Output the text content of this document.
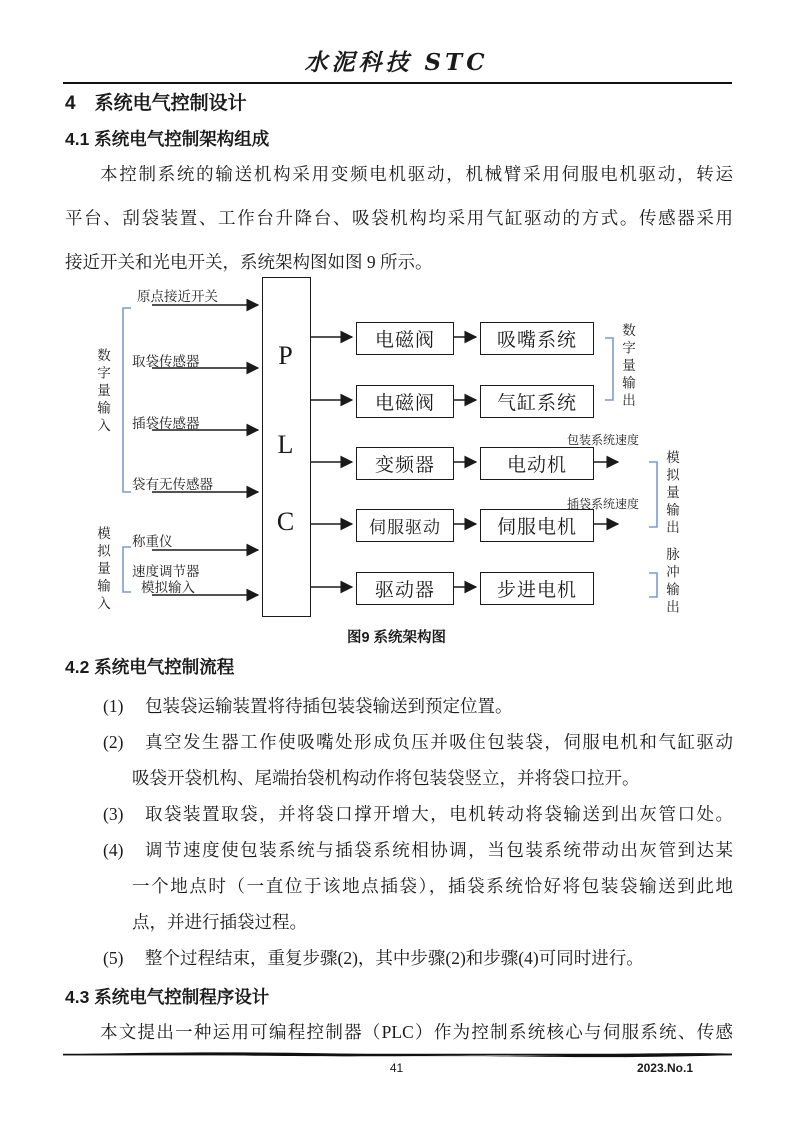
水泥科技 STC
4　系统电气控制设计
4.1 系统电气控制架构组成
本控制系统的输送机构采用变频电机驱动，机械臂采用伺服电机驱动，转运
平台、刮袋装置、工作台升降台、吸袋机构均采用气缸驱动的方式。传感器采用
接近开关和光电开关，系统架构图如图 9 所示。
P
L
C
原点接近开关
取袋传感器
插袋传感器
袋有无传感器
称重仪
速度调节器
模拟输入
数字量输入
模拟量输入
电磁阀
电磁阀
变频器
伺服驱动
驱动器
吸嘴系统
气缸系统
电动机
伺服电机
步进电机
包装系统速度
插袋系统速度
数字量输出
模拟量输出
脉冲输出
图9 系统架构图
4.2 系统电气控制流程
(1) 包装袋运输装置将待插包装袋输送到预定位置。
(2) 真空发生器工作使吸嘴处形成负压并吸住包装袋，伺服电机和气缸驱动
吸袋开袋机构、尾端抬袋机构动作将包装袋竖立，并将袋口拉开。
(3) 取袋装置取袋，并将袋口撑开增大，电机转动将袋输送到出灰管口处。
(4) 调节速度使包装系统与插袋系统相协调，当包装系统带动出灰管到达某
一个地点时（一直位于该地点插袋），插袋系统恰好将包装袋输送到此地
点，并进行插袋过程。
(5) 整个过程结束，重复步骤(2)，其中步骤(2)和步骤(4)可同时进行。
4.3 系统电气控制程序设计
本文提出一种运用可编程控制器（PLC）作为控制系统核心与伺服系统、传感
41	2023.No.1
